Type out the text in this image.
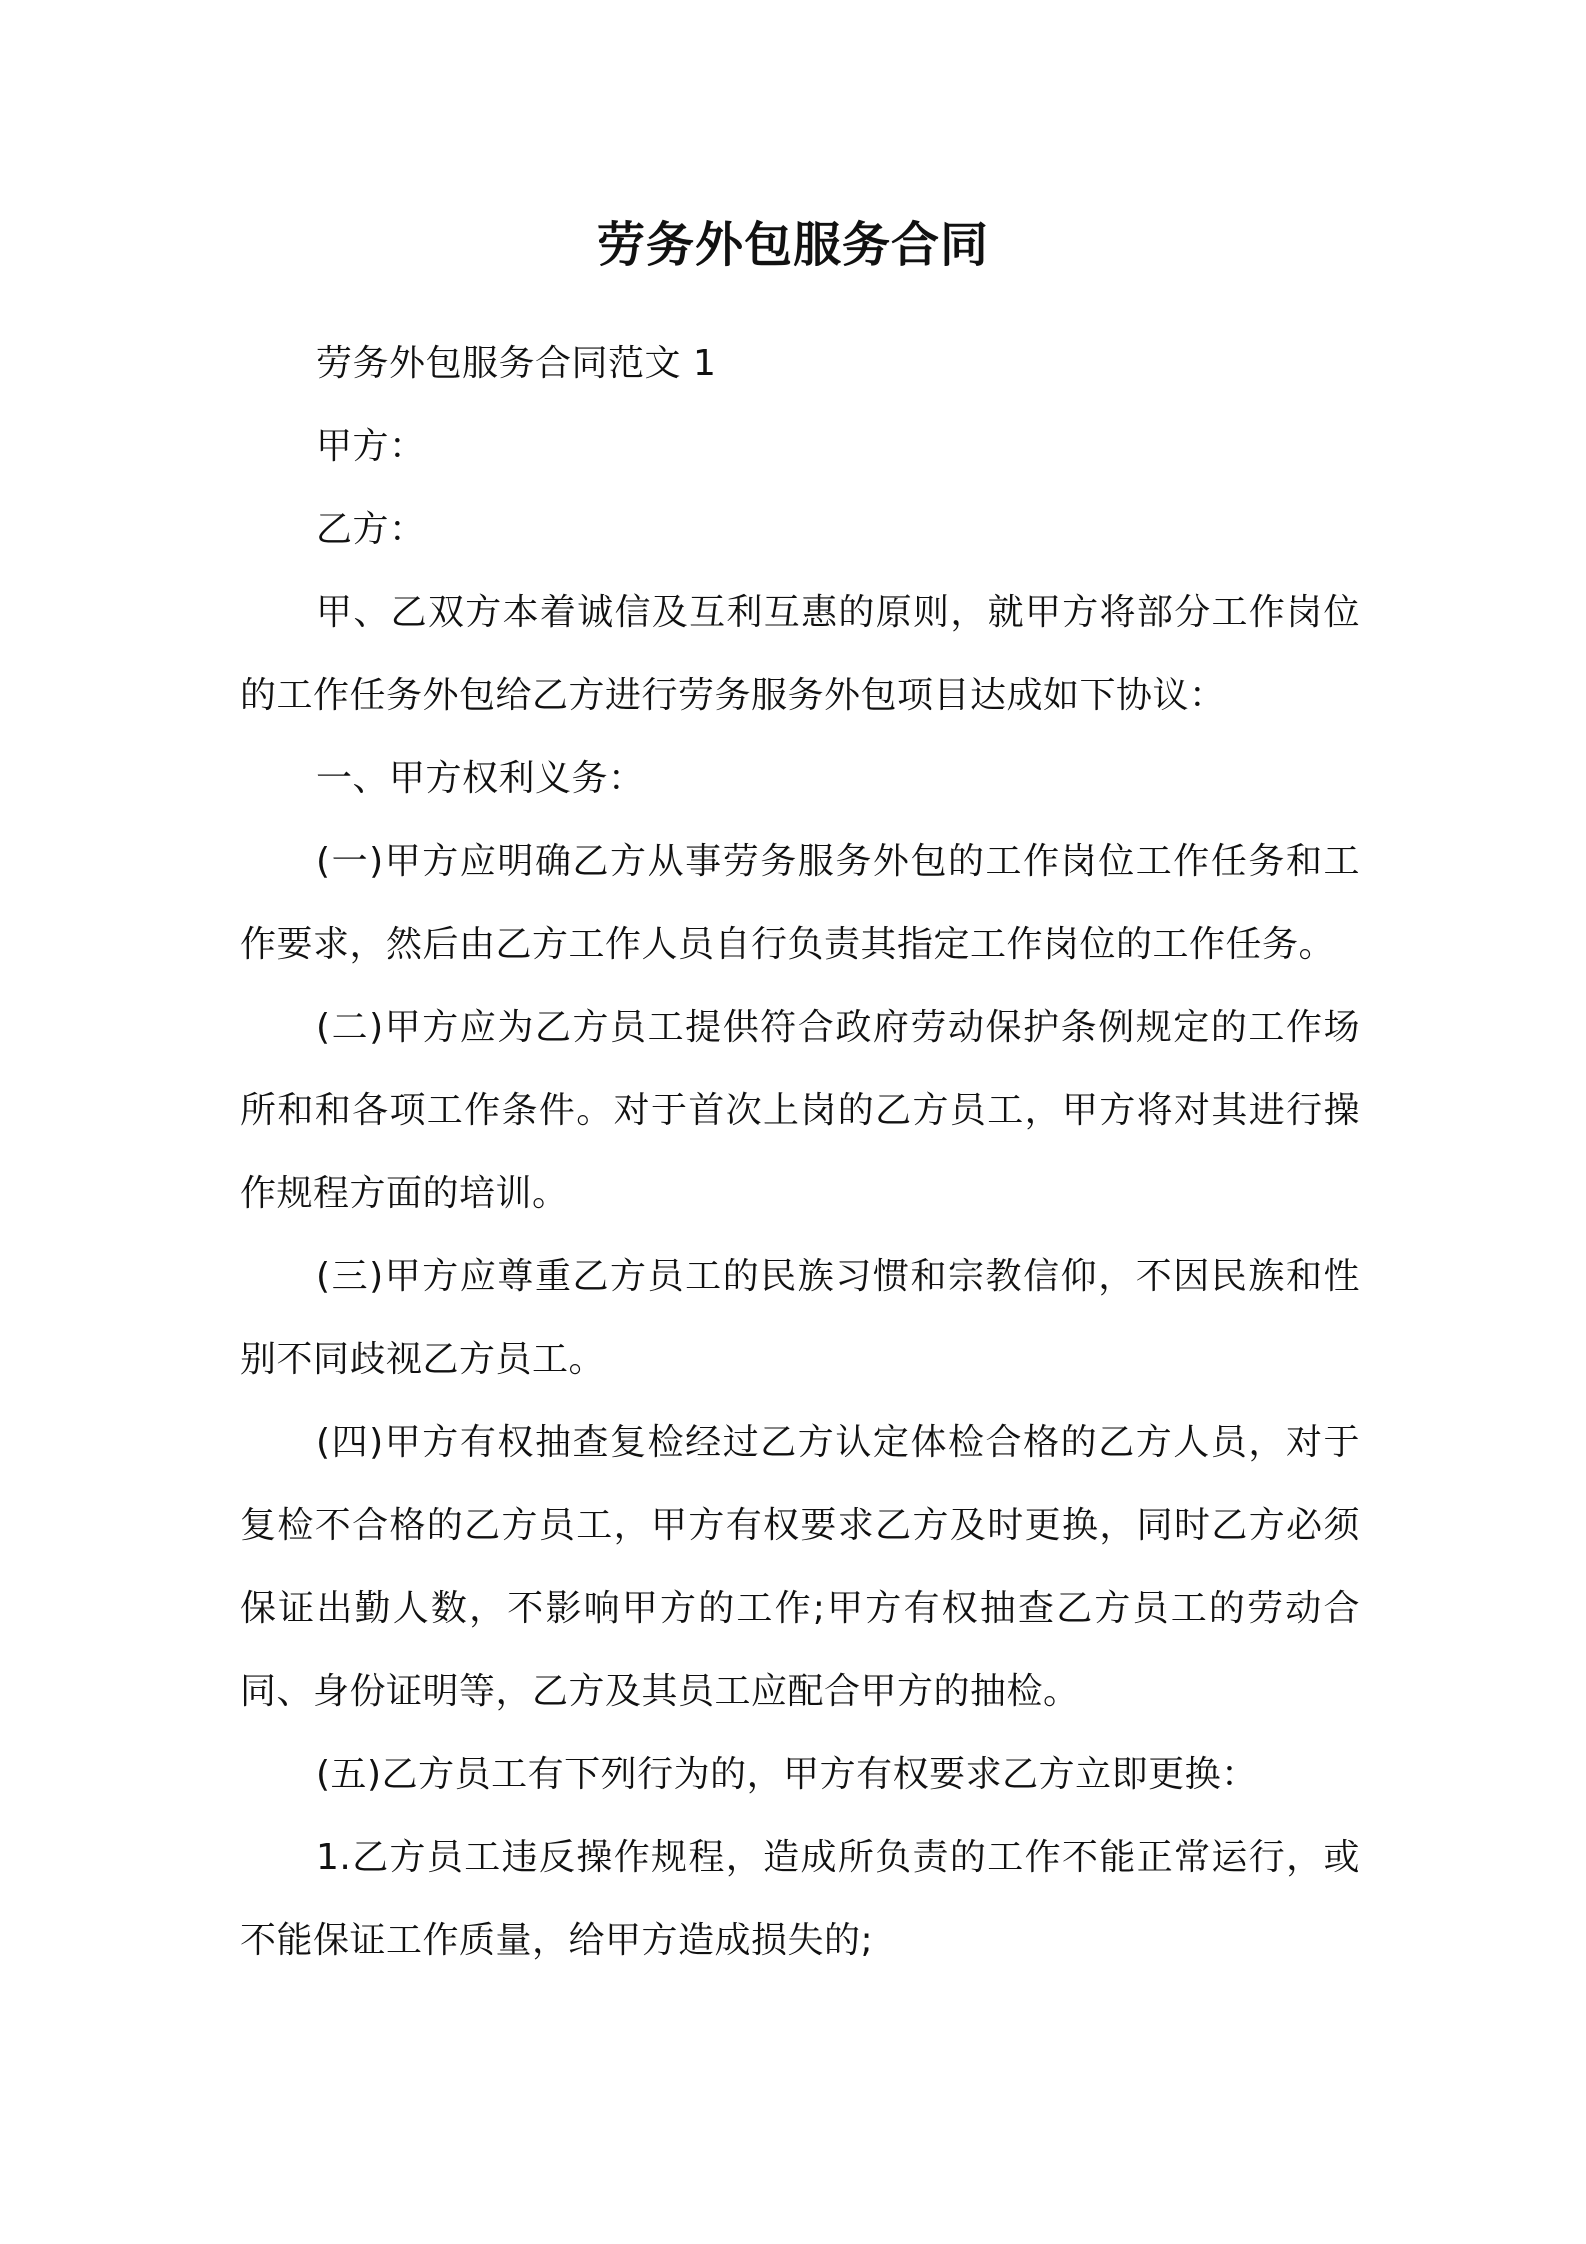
劳务外包服务合同

劳务外包服务合同范文 1

甲方：

乙方：

甲、乙双方本着诚信及互利互惠的原则，就甲方将部分工作岗位的工作任务外包给乙方进行劳务服务外包项目达成如下协议：

一、甲方权利义务：

(一)甲方应明确乙方从事劳务服务外包的工作岗位工作任务和工作要求，然后由乙方工作人员自行负责其指定工作岗位的工作任务。

(二)甲方应为乙方员工提供符合政府劳动保护条例规定的工作场所和和各项工作条件。对于首次上岗的乙方员工，甲方将对其进行操作规程方面的培训。

(三)甲方应尊重乙方员工的民族习惯和宗教信仰，不因民族和性别不同歧视乙方员工。

(四)甲方有权抽查复检经过乙方认定体检合格的乙方人员，对于复检不合格的乙方员工，甲方有权要求乙方及时更换，同时乙方必须保证出勤人数，不影响甲方的工作;甲方有权抽查乙方员工的劳动合同、身份证明等，乙方及其员工应配合甲方的抽检。

(五)乙方员工有下列行为的，甲方有权要求乙方立即更换：

1.乙方员工违反操作规程，造成所负责的工作不能正常运行，或不能保证工作质量，给甲方造成损失的;
